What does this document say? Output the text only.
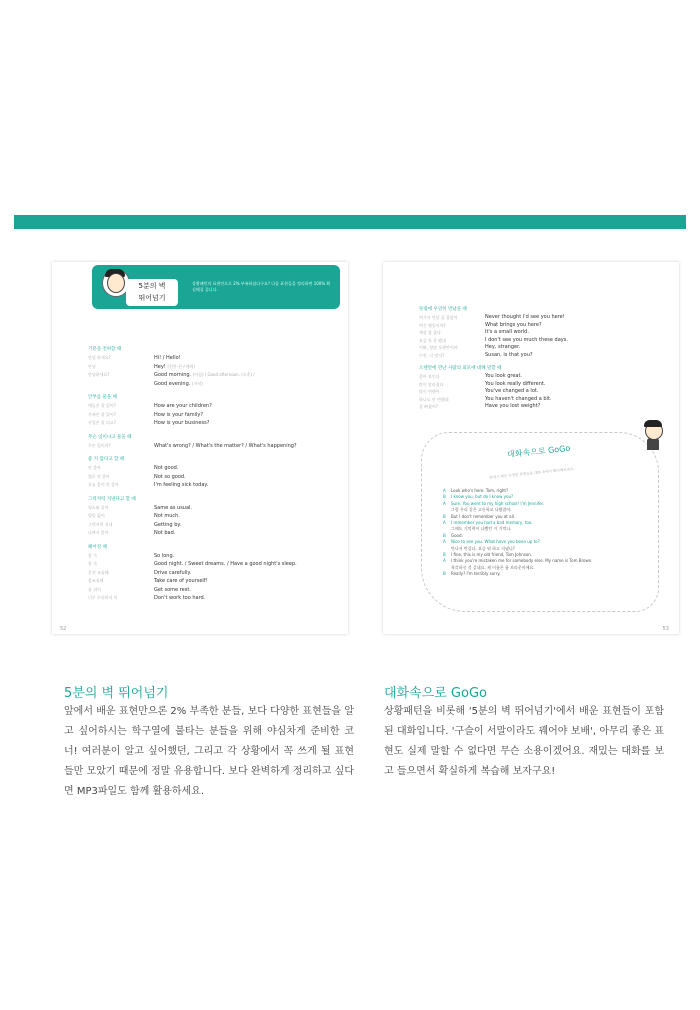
5분의 벽
뛰어넘기
상황패턴의 표현만으로 2% 부족하셨다구요? 다음 표현들을 정리하면 100% 확실해질 겁니다.
기분을 전하할 때
안녕 하세요?	Hi! / Hello!
안녕	Hey! (친한 친구에게)
안녕하세요?	Good morning. (아침) / Good afternoon. (오후) /
Good evening. (저녁)
안부를 물을 때
애들은 잘 있어?	How are your children?
가족은 잘 있어?	How is your family?
사업은 잘 되고?	How is your business?
무슨 일이냐고 물을 때
무슨 일이야?	What's wrong? / What's the matter? / What's happening?
좋 지 않다고 할 때
안 좋아	Not good.
별로 안 좋아	Not so good.
오늘 몸이 안 좋아	I'm feeling sick today.
그럭저럭 지낸다고 할 때
평소와 같아	Same as usual.
별일 없어	Not much.
그럭저럭 지내	Getting by.
나쁘지 않아	Not bad.
헤어질 때
잘 가	So long.
잘 자	Good night. / Sweet dreams. / Have a good night's sleep.
운전 조심해	Drive carefully.
몸조심해	Take care of yourself!
좀 쉬어	Get some rest.
너무 무리하지 마	Don't work too hard.
52
뜻밖에 우연히 만났을 때
여기서 만날 줄 몰랐어	Never thought I'd see you here!
여긴 웬일이야?	What brings you here?
세상 참 좁다	It's a small world.
요즘 통 못 봤네	I don't see you much these days.
이봐, 정말 오랜만이야	Hey, stranger.
수잔, 너 맞지?	Susan, is that you?
오랜만에 만난 사람의 외모에 대해 말할 때
좋아 보인다	You look great.
많이 달라졌다	You look really different.
많이 변했어	You've changed a lot.
하나도 안 변했네	You haven't changed a bit.
살 빠졌어?	Have you lost weight?
대화속으로 GoGo
앞에서 배운 다양한 표현들을 대화 속에서 확인해보세요.
A	Look who's here. Tom, right?
B	I know you, but do I know you?
A	Sure. You went to my high school! I'm Jennifer.
그럼 우리 같은 고등학교 나왔잖아.
B	But I don't remember you at all.
A	I remember you had a bad memory, too.
그때도 기억력이 나빴던 거 기억나.
B	Good.
A	Nice to see you. What have you been up to?
만나서 반갑다. 요즘 뭐 하고 지냈니?
B	I fine, this is my old friend, Tom Johnson.
A	I think you're mistaken me for somebody else. My name is Tom Brown.
착각하신 것 같네요. 제 이름은 톰 브라운이에요.
B	Really? I'm terribly sorry.
53
5분의 벽 뛰어넘기
앞에서 배운 표현만으론 2% 부족한 분들, 보다 다양한 표현들을 알고 싶어하시는 학구열에 불타는 분들을 위해 야심차게 준비한 코너! 여러분이 알고 싶어했던, 그리고 각 상황에서 꼭 쓰게 될 표현들만 모았기 때문에 정말 유용합니다. 보다 완벽하게 정리하고 싶다면 MP3파일도 함께 활용하세요.
대화속으로 GoGo
상황패턴을 비롯해 '5분의 벽 뛰어넘기'에서 배운 표현들이 포함된 대화입니다. '구슬이 서말이라도 꿰어야 보배', 아무리 좋은 표현도 실제 말할 수 없다면 무슨 소용이겠어요. 재밌는 대화를 보고 들으면서 확실하게 복습해 보자구요!
